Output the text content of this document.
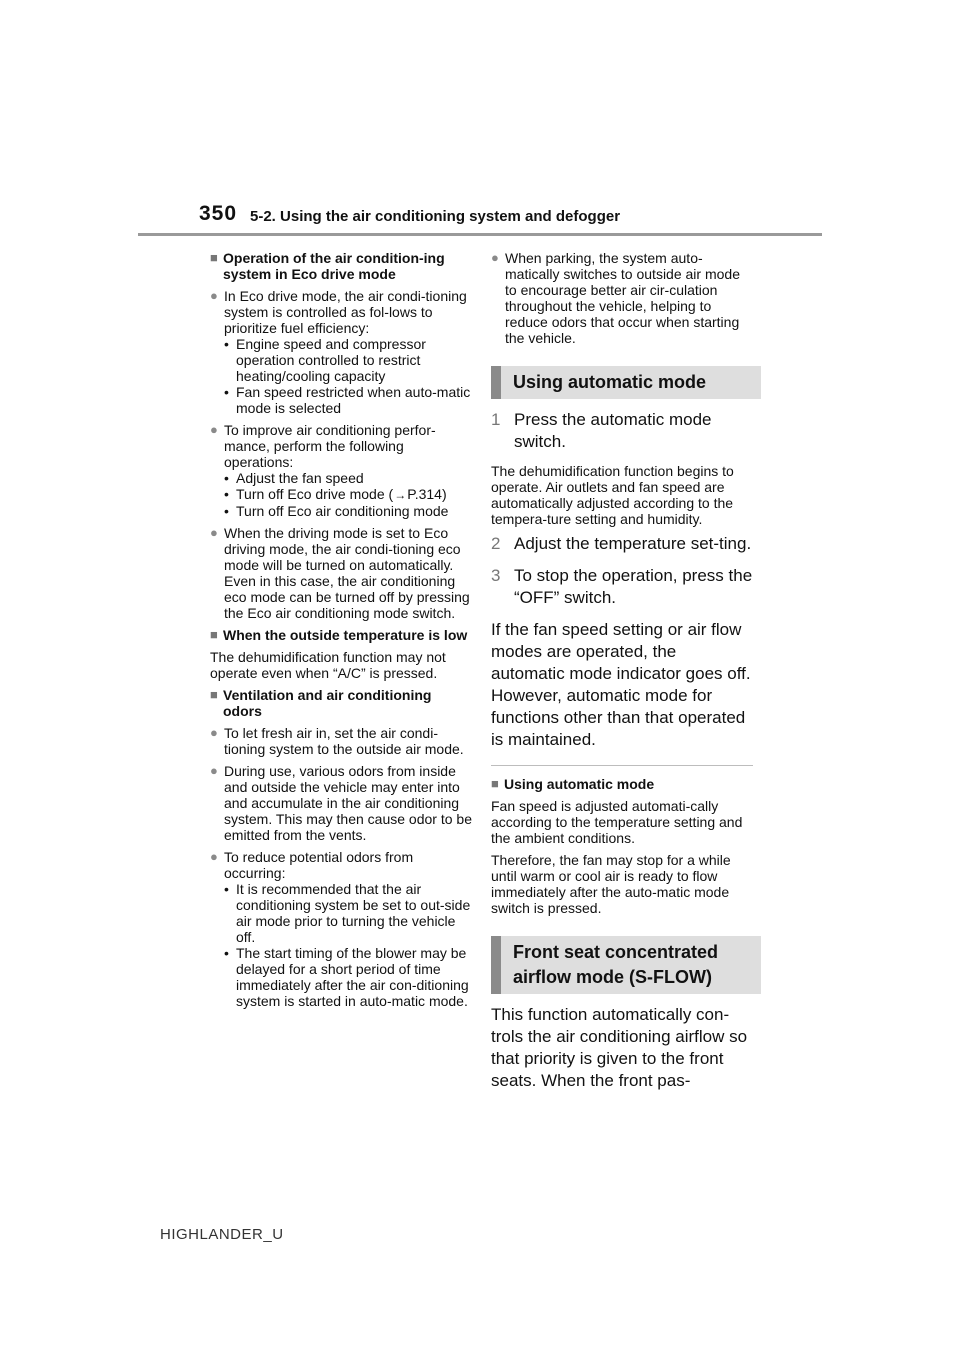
350 5-2. Using the air conditioning system and defogger
■ Operation of the air condition-ing system in Eco drive mode
● In Eco drive mode, the air condi-tioning system is controlled as fol-lows to prioritize fuel efficiency:
• Engine speed and compressor operation controlled to restrict heating/cooling capacity
• Fan speed restricted when auto-matic mode is selected
● To improve air conditioning perfor-mance, perform the following operations:
• Adjust the fan speed
• Turn off Eco drive mode (→P.314)
• Turn off Eco air conditioning mode
● When the driving mode is set to Eco driving mode, the air condi-tioning eco mode will be turned on automatically. Even in this case, the air conditioning eco mode can be turned off by pressing the Eco air conditioning mode switch.
■ When the outside temperature is low
The dehumidification function may not operate even when “A/C” is pressed.
■ Ventilation and air conditioning odors
● To let fresh air in, set the air condi-tioning system to the outside air mode.
● During use, various odors from inside and outside the vehicle may enter into and accumulate in the air conditioning system. This may then cause odor to be emitted from the vents.
● To reduce potential odors from occurring:
• It is recommended that the air conditioning system be set to out-side air mode prior to turning the vehicle off.
• The start timing of the blower may be delayed for a short period of time immediately after the air con-ditioning system is started in auto-matic mode.
● When parking, the system auto-matically switches to outside air mode to encourage better air cir-culation throughout the vehicle, helping to reduce odors that occur when starting the vehicle.
Using automatic mode
1 Press the automatic mode switch.
The dehumidification function begins to operate. Air outlets and fan speed are automatically adjusted according to the tempera-ture setting and humidity.
2 Adjust the temperature set-ting.
3 To stop the operation, press the “OFF” switch.
If the fan speed setting or air flow modes are operated, the automatic mode indicator goes off. However, automatic mode for functions other than that operated is maintained.
■ Using automatic mode
Fan speed is adjusted automati-cally according to the temperature setting and the ambient conditions.
Therefore, the fan may stop for a while until warm or cool air is ready to flow immediately after the auto-matic mode switch is pressed.
Front seat concentrated airflow mode (S-FLOW)
This function automatically con-trols the air conditioning airflow so that priority is given to the front seats. When the front pas-
HIGHLANDER_U
